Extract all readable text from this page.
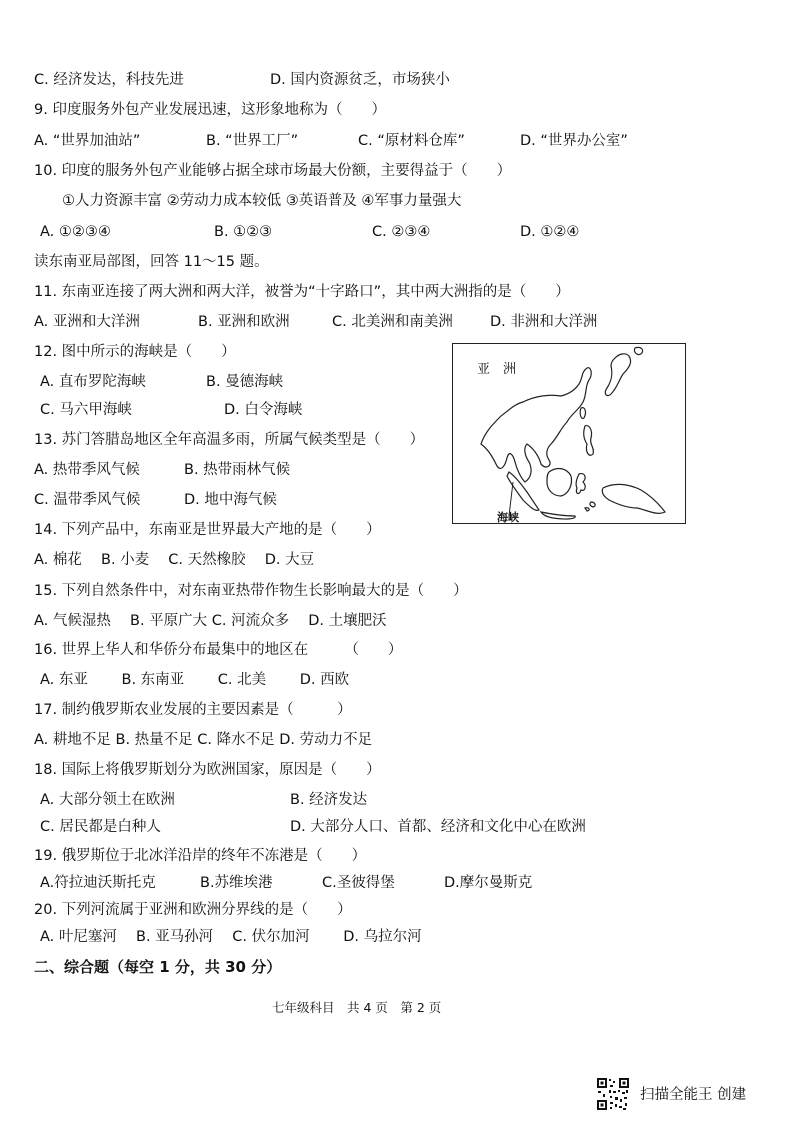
C. 经济发达，科技先进	D. 国内资源贫乏，市场狭小
9. 印度服务外包产业发展迅速，这形象地称为（　　）
A. “世界加油站”	B. “世界工厂”	C. “原材料仓库”	D. “世界办公室”
10. 印度的服务外包产业能够占据全球市场最大份额，主要得益于（　　）
①人力资源丰富 ②劳动力成本较低 ③英语普及 ④军事力量强大
A. ①②③④	B. ①②③	C. ②③④	D. ①②④
读东南亚局部图，回答 11～15 题。
11. 东南亚连接了两大洲和两大洋，被誉为“十字路口”，其中两大洲指的是（　　）
A. 亚洲和大洋洲	B. 亚洲和欧洲	C. 北美洲和南美洲	D. 非洲和大洋洲
12. 图中所示的海峡是（　　）
A. 直布罗陀海峡	B. 曼德海峡
C. 马六甲海峡	D. 白令海峡
13. 苏门答腊岛地区全年高温多雨，所属气候类型是（　　）
A. 热带季风气候	B. 热带雨林气候
C. 温带季风气候	D. 地中海气候
14. 下列产品中，东南亚是世界最大产地的是（　　）
A. 棉花　 B. 小麦　 C. 天然橡胶　 D. 大豆
15. 下列自然条件中，对东南亚热带作物生长影响最大的是（　　）
A. 气候湿热　 B. 平原广大 C. 河流众多　 D. 土壤肥沃
16. 世界上华人和华侨分布最集中的地区在　　　（　　）
A. 东亚　　 B. 东南亚　　 C. 北美　　 D. 西欧
17. 制约俄罗斯农业发展的主要因素是（　　　）
A. 耕地不足 B. 热量不足 C. 降水不足 D. 劳动力不足
18. 国际上将俄罗斯划分为欧洲国家，原因是（　　）
A. 大部分领土在欧洲	B. 经济发达
C. 居民都是白种人	D. 大部分人口、首都、经济和文化中心在欧洲
19. 俄罗斯位于北冰洋沿岸的终年不冻港是（　　）
A.符拉迪沃斯托克	B.苏维埃港	C.圣彼得堡	D.摩尔曼斯克
20. 下列河流属于亚洲和欧洲分界线的是（　　）
A. 叶尼塞河　 B. 亚马孙河　 C. 伏尔加河　　 D. 乌拉尔河
二、综合题（每空 1 分，共 30 分）
亚　洲
海峡
七年级科目　共 4 页　第 2 页
扫描全能王 创建
